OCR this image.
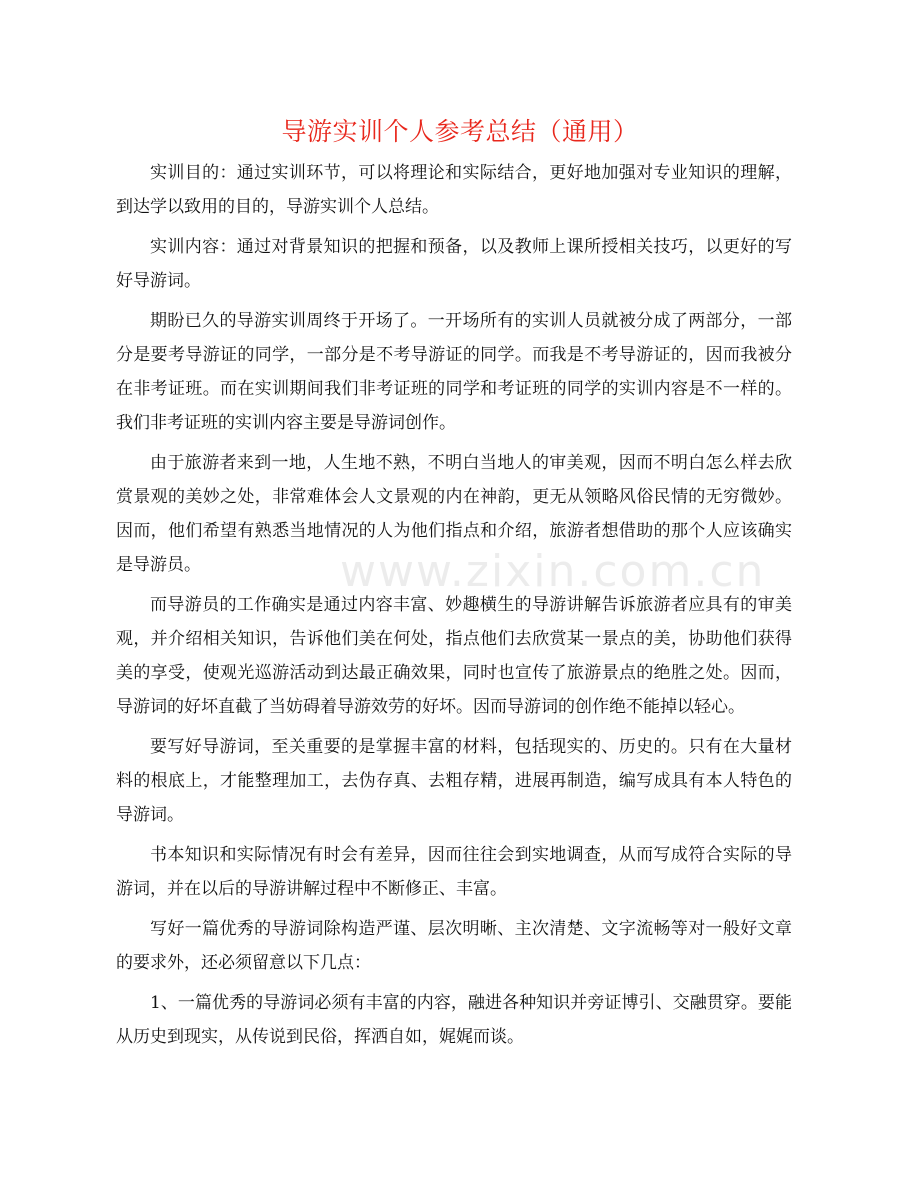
www.zixin.com.cn
导游实训个人参考总结（通用）

实训目的：通过实训环节，可以将理论和实际结合，更好地加强对专业知识的理解，到达学以致用的目的，导游实训个人总结。

实训内容：通过对背景知识的把握和预备，以及教师上课所授相关技巧，以更好的写好导游词。

期盼已久的导游实训周终于开场了。一开场所有的实训人员就被分成了两部分，一部分是要考导游证的同学，一部分是不考导游证的同学。而我是不考导游证的，因而我被分在非考证班。而在实训期间我们非考证班的同学和考证班的同学的实训内容是不一样的。我们非考证班的实训内容主要是导游词创作。

由于旅游者来到一地，人生地不熟，不明白当地人的审美观，因而不明白怎么样去欣赏景观的美妙之处，非常难体会人文景观的内在神韵，更无从领略风俗民情的无穷微妙。因而，他们希望有熟悉当地情况的人为他们指点和介绍，旅游者想借助的那个人应该确实是导游员。

而导游员的工作确实是通过内容丰富、妙趣横生的导游讲解告诉旅游者应具有的审美观，并介绍相关知识，告诉他们美在何处，指点他们去欣赏某一景点的美，协助他们获得美的享受，使观光巡游活动到达最正确效果，同时也宣传了旅游景点的绝胜之处。因而，导游词的好坏直截了当妨碍着导游效劳的好坏。因而导游词的创作绝不能掉以轻心。

要写好导游词，至关重要的是掌握丰富的材料，包括现实的、历史的。只有在大量材料的根底上，才能整理加工，去伪存真、去粗存精，进展再制造，编写成具有本人特色的导游词。

书本知识和实际情况有时会有差异，因而往往会到实地调查，从而写成符合实际的导游词，并在以后的导游讲解过程中不断修正、丰富。

写好一篇优秀的导游词除构造严谨、层次明晰、主次清楚、文字流畅等对一般好文章的要求外，还必须留意以下几点：

1、一篇优秀的导游词必须有丰富的内容，融进各种知识并旁证博引、交融贯穿。要能从历史到现实，从传说到民俗，挥洒自如，娓娓而谈。
